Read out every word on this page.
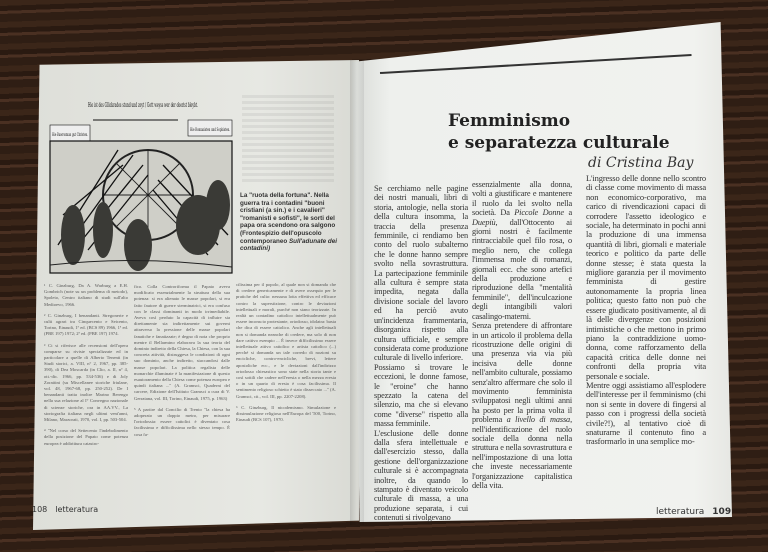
Hie ist des Glückrades stund und zeyt / Gott weyss wer der oberist bleybt.
Hie Bawrssman gut Christen.
Hie Romanisten und Sophisten.
La "ruota della fortuna". Nella guerra tra i contadini "buoni cristiani (a sin.) e i cavalieri" "romanisti e sofisti", le sorti del papa ora scendono ora salgono (Frontespizio dell'opuscolo contemporaneo Sull'adunate dei contadini)

¹ C. Ginzburg, Da A. Warburg a E.H. Gombrich (note su un problema di metodo), Spoleto, Centro italiano di studi sull'alto Medioevo, 1966.

² C. Ginzburg, I benandanti. Stregonerie e culti agrari tra Cinquecento e Seicento, Torino, Einaudi, 1ª ed. (BCS 89) 1966, 1ª ed. (PBE 197) 1972; 2ª ed. (PBE 197) 1974.

³ Ci si riferisce alle recensioni dell'opera comparse su riviste specializzate ed in particolare a quelle di Alberto Tenenti (in Studi storici, a. VIII, n° 2, 1967, pp. 385-390), di Dea Moscarda (in Clio, a. II, n° 4, ott.-dic. 1966, pp. 534-536) e di Joly Zorattini (su Miscellanee storiche friulane, vol. 48, 1967-68, pp. 250-252). De I benandanti tratta inoltre Marino Berengo nella sua relazione al I° Convegno nazionale di scienze storiche, ora in AA.VV., La storiografia italiana negli ultimi vent'anni, Milano, Marzorati, 1970, vol. I, pp. 503-504.

⁴ "Nel corso del Settecento l'indebolimento della posizione del Papato come potenza europea è addirittura catastro-

fico. Colla Controriforma il Papato aveva modificato essenzialmente la struttura della sua potenza: si era alienato le masse popolari, si era fatto fautore di guerre sterminatrici, si era confuso con le classi dominanti in modo irrimediabile. Aveva così perduto la capacità di influire sia direttamente sia indirettamente sui governi attraverso la pressione delle masse popolari fanatiche e fanatizzate; è degno di nota che proprio mentre il Bellarmino elaborava la sua teoria del dominio indiretto della Chiesa, la Chiesa, con la sua concreta attività, distruggeva le condizioni di ogni suo dominio, anche indiretto, staccandosi dalle masse popolari. La politica regalista delle monarchie illuminate è la manifestazione di questo esautoramento della Chiesa come potenza europea e quindi italiana ..." (A. Gramsci, Quaderni del carcere, Edizione dell'Istituto Gramsci a cura di V. Gerratana, vol. III, Torino, Einaudi, 1975, p. 1963)

⁵ A partire dal Concilio di Trento "la chiesa ha adoperato un doppio metro, per misurare l'ortodossia: essere cattolici è diventato cosa facilissima e difficilissima nello stesso tempo. È cosa fa-

cilissima per il popolo, al quale non si domanda che di credere genericamente e di avere ossequio per le pratiche del culto: nessuna lotta effettiva ed efficace contro la superstizione, contro le deviazioni intellettuali e morali, purché non siano teorizzate. In realtà un contadino cattolico intellettualmente può essere inconscio protestante, ortodosso, idolatra: basta che dica di essere cattolico. Anche agli intellettuali non si domanda neanche di credere, ma solo di non dare cattivo esempio ... È invece difficilissimo essere intellettuale attivo cattolico e artista cattolico (...) perché si domanda un tale corredo di nozioni su encicliche, contro-encicliche, brevi, lettere apostoliche ecc., e le deviazioni dall'indirizzo ortodosso chiesastico sono state nella storia tante e così sottili che cadere nell'eresia o nella mezza eresia o in un quarto di eresia è cosa facilissima. Il sentimento religioso schietto è stato disseccato ..." (A. Gramsci, cit., vol. III, pp. 2207-2208).

⁶ C. Ginzburg, Il nicodemismo. Simulazione e dissimulazione religiosa nell'Europa del '500, Torino, Einaudi (BCS 107), 1970.

108 letteratura
Femminismo
e separatezza culturale
di Cristina Bay

Se cerchiamo nelle pagine dei nostri manuali, libri di storia, antologie, nella storia della cultura insomma, la traccia della presenza femminile, ci rendiamo ben conto del ruolo subalterno che le donne hanno sempre svolto nella sovrastruttura. La partecipazione femminile alla cultura è sempre stata impedita, negata dalla divisione sociale del lavoro ed ha perciò avuto un'incidenza frammentaria, disorganica rispetto alla cultura ufficiale, e sempre considerata come produzione culturale di livello inferiore.

Possiamo sì trovare le eccezioni, le donne famose, le "eroine" che hanno spezzato la catena del silenzio, ma che si elevano come "diverse" rispetto alla massa femminile.

L'esclusione delle donne dalla sfera intellettuale e dall'esercizio stesso, dalla gestione dell'organizzazione culturale si è accompagnata inoltre, da quando lo stampato è diventato veicolo culturale di massa, a una produzione separata, i cui contenuti si rivolgevano

essenzialmente alla donna, volti a giustificare e mantenere il ruolo da lei svolto nella società. Da Piccole Donne a Duepiù, dall'Ottocento ai giorni nostri è facilmente rintracciabile quel filo rosa, o meglio nero, che collega l'immensa mole di romanzi, giornali ecc. che sono artefici della produzione e riproduzione della "mentalità femminile", dell'inculcazione degli intangibili valori casalingo-materni.

Senza pretendere di affrontare in un articolo il problema della ricostruzione delle origini di una presenza via via più incisiva delle donne nell'ambito culturale, possiamo senz'altro affermare che solo il movimento femminista sviluppatosi negli ultimi anni ha posto per la prima volta il problema a livello di massa, nell'identificazione del ruolo sociale della donna nella struttura e nella sovrastruttura e nell'impostazione di una lotta che investe necessariamente l'organizzazione capitalistica della vita.

L'ingresso delle donne nello scontro di classe come movimento di massa non economico-corporativo, ma carico di rivendicazioni capaci di corrodere l'assetto ideologico e sociale, ha determinato in pochi anni la produzione di una immensa quantità di libri, giornali e materiale teorico e politico da parte delle donne stesse; è stata questa la migliore garanzia per il movimento femminista di gestire autonomamente la propria linea politica; questo fatto non può che essere giudicato positivamente, al di là delle divergenze con posizioni intimistiche o che mettono in primo piano la contraddizione uomo-donna, come rafforzamento della capacità critica delle donne nei confronti della propria vita personale e sociale.

Mentre oggi assistiamo all'esplodere dell'interesse per il femminismo (chi non si sente in dovere di fingersi al passo con i progressi della società civile?!), al tentativo cioè di snaturarne il contenuto fino a trasformarlo in una semplice mo-

letteratura 109
